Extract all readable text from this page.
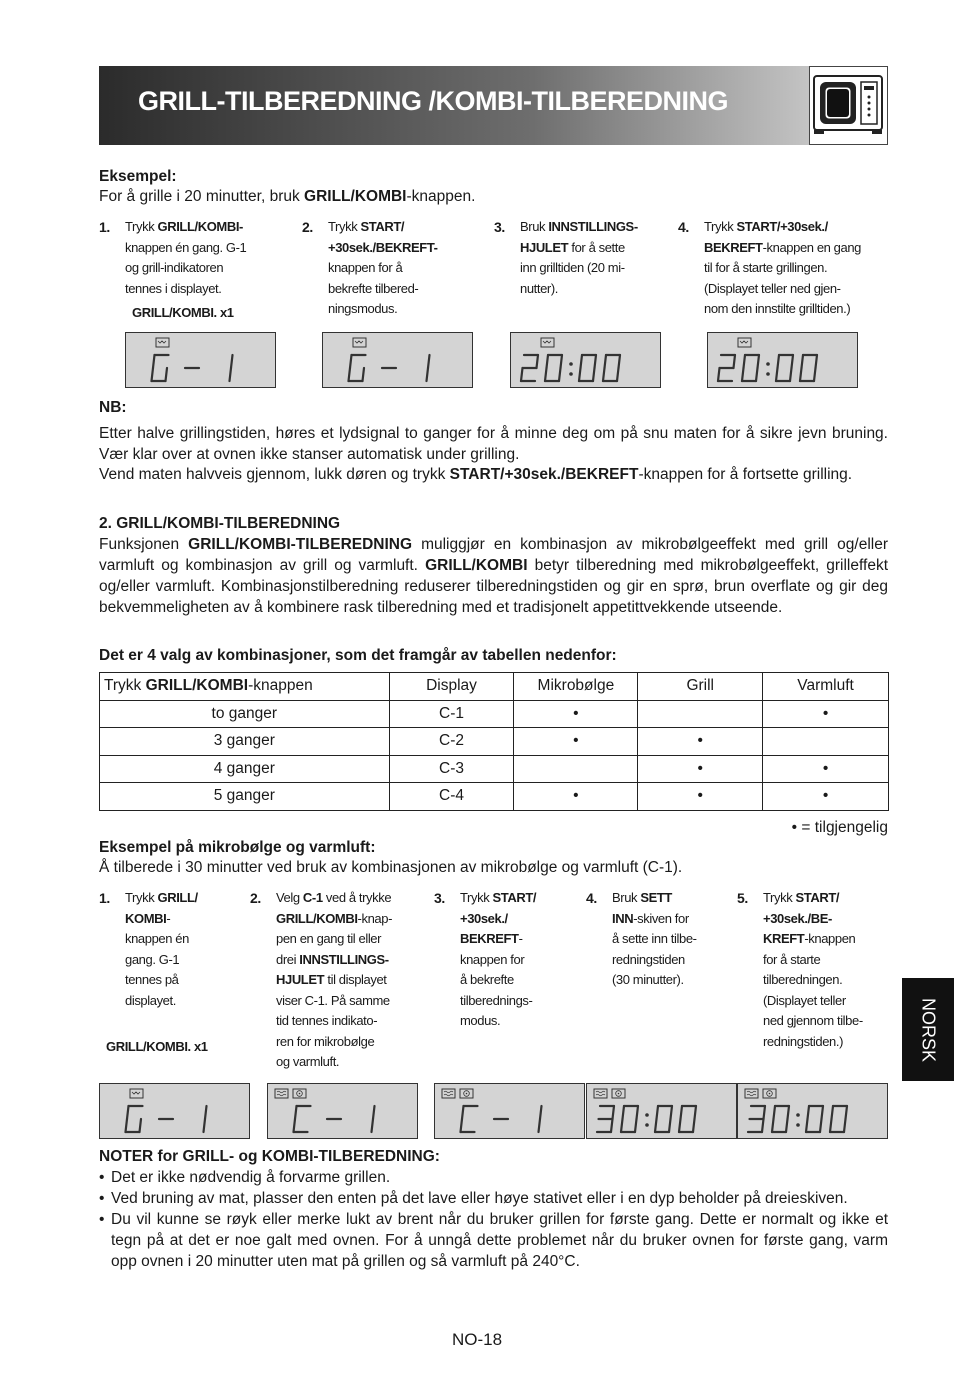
GRILL-TILBEREDNING /KOMBI-TILBEREDNING
Eksempel:
For å grille i 20 minutter, bruk GRILL/KOMBI-knappen.
1. Trykk GRILL/KOMBI-
knappen én gang. G-1
og grill-indikatoren
tennes i displayet.
2. Trykk START/
+30sek./BEKREFT-
knappen for å
bekrefte tilbered-
ningsmodus.
3. Bruk INNSTILLINGS-
HJULET for å sette
inn grilltiden (20 mi-
nutter).
4. Trykk START/+30sek./
BEKREFT-knappen en gang
til for å starte grillingen.
(Displayet teller ned gjen-
nom den innstilte grilltiden.)
GRILL/KOMBI. x1
NB:
Etter halve grillingstiden, høres et lydsignal to ganger for å minne deg om på snu maten for å sikre jevn bruning. Vær klar over at ovnen ikke stanser automatisk under grilling.
Vend maten halvveis gjennom, lukk døren og trykk START/+30sek./BEKREFT-knappen for å fortsette grilling.
2. GRILL/KOMBI-TILBEREDNING
Funksjonen GRILL/KOMBI-TILBEREDNING muliggjør en kombinasjon av mikrobølgeeffekt med grill og/eller varmluft og kombinasjon av grill og varmluft. GRILL/KOMBI betyr tilberedning med mikrobølgeeffekt, grilleffekt og/eller varmluft. Kombinasjonstilberedning reduserer tilberedningstiden og gir en sprø, brun overflate og gir deg bekvemmeligheten av å kombinere rask tilberedning med et tradisjonelt appetittvekkende utseende.
Det er 4 valg av kombinasjoner, som det framgår av tabellen nedenfor:
Trykk GRILL/KOMBI-knappen	Display	Mikrobølge	Grill	Varmluft
to ganger	C-1	•		•
3 ganger	C-2	•	•	
4 ganger	C-3		•	•
5 ganger	C-4	•	•	•
• = tilgjengelig
Eksempel på mikrobølge og varmluft:
Å tilberede i 30 minutter ved bruk av kombinasjonen av mikrobølge og varmluft (C-1).
1. Trykk GRILL/
KOMBI-
knappen én
gang. G-1
tennes på
displayet.
2. Velg C-1 ved å trykke
GRILL/KOMBI-knap-
pen en gang til eller
drei INNSTILLINGS-
HJULET til displayet
viser C-1. På samme
tid tennes indikato-
ren for mikrobølge
og varmluft.
3. Trykk START/
+30sek./
BEKREFT-
knappen for
å bekrefte
tilberednings-
modus.
4. Bruk SETT
INN-skiven for
å sette inn tilbe-
redningstiden
(30 minutter).
5. Trykk START/
+30sek./BE-
KREFT-knappen
for å starte
tilberedningen.
(Displayet teller
ned gjennom tilbe-
redningstiden.)
GRILL/KOMBI. x1
NOTER for GRILL- og KOMBI-TILBEREDNING:
• Det er ikke nødvendig å forvarme grillen.
• Ved bruning av mat, plasser den enten på det lave eller høye stativet eller i en dyp beholder på dreieskiven.
• Du vil kunne se røyk eller merke lukt av brent når du bruker grillen for første gang. Dette er normalt og ikke et tegn på at det er noe galt med ovnen. For å unngå dette problemet når du bruker ovnen for første gang, varm opp ovnen i 20 minutter uten mat på grillen og så varmluft på 240°C.
NORSK
NO-18
